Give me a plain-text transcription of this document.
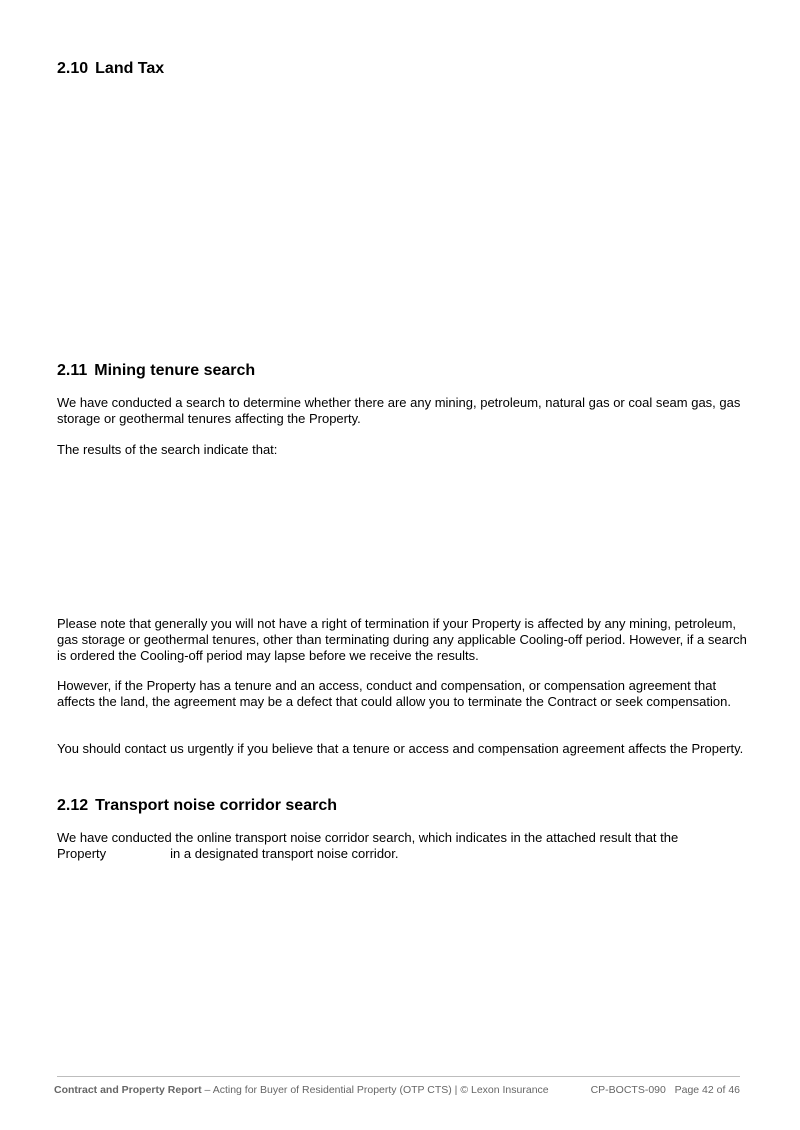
2.10 Land Tax
2.11 Mining tenure search
We have conducted a search to determine whether there are any mining, petroleum, natural gas or coal seam gas, gas storage or geothermal tenures affecting the Property.
The results of the search indicate that:
Please note that generally you will not have a right of termination if your Property is affected by any mining, petroleum, gas storage or geothermal tenures, other than terminating during any applicable Cooling-off period. However, if a search is ordered the Cooling-off period may lapse before we receive the results.
However, if the Property has a tenure and an access, conduct and compensation, or compensation agreement that affects the land, the agreement may be a defect that could allow you to terminate the Contract or seek compensation.
You should contact us urgently if you believe that a tenure or access and compensation agreement affects the Property.
2.12 Transport noise corridor search
We have conducted the online transport noise corridor search, which indicates in the attached result that the
Property	in a designated transport noise corridor.
Contract and Property Report – Acting for Buyer of Residential Property (OTP CTS) | © Lexon Insurance	CP-BOCTS-090 Page 42 of 46
